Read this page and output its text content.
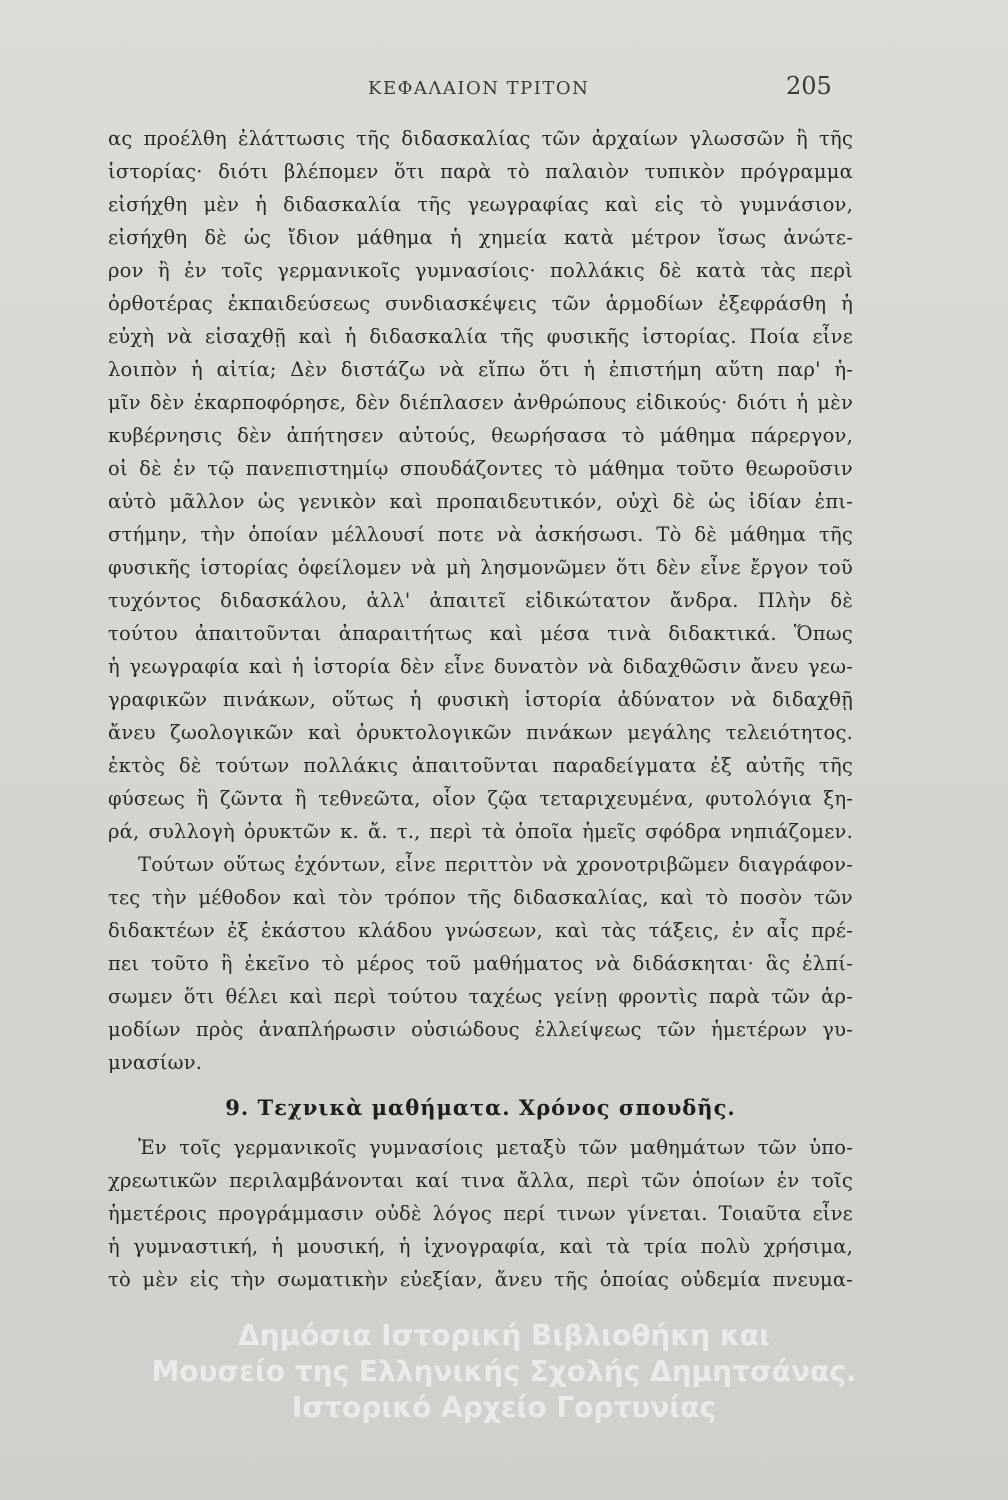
ΚΕΦΑΛΑΙΟΝ ΤΡΙΤΟΝ	205
ας προέλθη ἐλάττωσις τῆς διδασκαλίας τῶν ἀρχαίων γλωσσῶν ἢ τῆς
ἱστορίας· διότι βλέπομεν ὅτι παρὰ τὸ παλαιὸν τυπικὸν πρόγραμμα
εἰσήχθη μὲν ἡ διδασκαλία τῆς γεωγραφίας καὶ εἰς τὸ γυμνάσιον,
εἰσήχθη δὲ ὡς ἴδιον μάθημα ἡ χημεία κατὰ μέτρον ἴσως ἀνώτε-
ρον ἢ ἐν τοῖς γερμανικοῖς γυμνασίοις· πολλάκις δὲ κατὰ τὰς περὶ
ὀρθοτέρας ἐκπαιδεύσεως συνδιασκέψεις τῶν ἁρμοδίων ἐξεφράσθη ἡ
εὐχὴ νὰ εἰσαχθῇ καὶ ἡ διδασκαλία τῆς φυσικῆς ἱστορίας. Ποία εἶνε
λοιπὸν ἡ αἰτία; Δὲν διστάζω νὰ εἴπω ὅτι ἡ ἐπιστήμη αὕτη παρ' ἡ-
μῖν δὲν ἐκαρποφόρησε, δὲν διέπλασεν ἀνθρώπους εἰδικούς· διότι ἡ μὲν
κυβέρνησις δὲν ἀπήτησεν αὐτούς, θεωρήσασα τὸ μάθημα πάρεργον,
οἱ δὲ ἐν τῷ πανεπιστημίῳ σπουδάζοντες τὸ μάθημα τοῦτο θεωροῦσιν
αὐτὸ μᾶλλον ὡς γενικὸν καὶ προπαιδευτικόν, οὐχὶ δὲ ὡς ἰδίαν ἐπι-
στήμην, τὴν ὁποίαν μέλλουσί ποτε νὰ ἀσκήσωσι. Τὸ δὲ μάθημα τῆς
φυσικῆς ἱστορίας ὀφείλομεν νὰ μὴ λησμονῶμεν ὅτι δὲν εἶνε ἔργον τοῦ
τυχόντος διδασκάλου, ἀλλ' ἀπαιτεῖ εἰδικώτατον ἄνδρα. Πλὴν δὲ
τούτου ἀπαιτοῦνται ἀπαραιτήτως καὶ μέσα τινὰ διδακτικά. Ὅπως
ἡ γεωγραφία καὶ ἡ ἱστορία δὲν εἶνε δυνατὸν νὰ διδαχθῶσιν ἄνευ γεω-
γραφικῶν πινάκων, οὕτως ἡ φυσικὴ ἱστορία ἀδύνατον νὰ διδαχθῇ
ἄνευ ζωολογικῶν καὶ ὀρυκτολογικῶν πινάκων μεγάλης τελειότητος.
ἐκτὸς δὲ τούτων πολλάκις ἀπαιτοῦνται παραδείγματα ἐξ αὐτῆς τῆς
φύσεως ἢ ζῶντα ἢ τεθνεῶτα, οἷον ζῷα τεταριχευμένα, φυτολόγια ξη-
ρά, συλλογὴ ὀρυκτῶν κ. ἄ. τ., περὶ τὰ ὁποῖα ἡμεῖς σφόδρα νηπιάζομεν.
Τούτων οὕτως ἐχόντων, εἶνε περιττὸν νὰ χρονοτριβῶμεν διαγράφον-
τες τὴν μέθοδον καὶ τὸν τρόπον τῆς διδασκαλίας, καὶ τὸ ποσὸν τῶν
διδακτέων ἐξ ἑκάστου κλάδου γνώσεων, καὶ τὰς τάξεις, ἐν αἷς πρέ-
πει τοῦτο ἢ ἐκεῖνο τὸ μέρος τοῦ μαθήματος νὰ διδάσκηται· ἃς ἐλπί-
σωμεν ὅτι θέλει καὶ περὶ τούτου ταχέως γείνῃ φροντὶς παρὰ τῶν ἁρ-
μοδίων πρὸς ἀναπλήρωσιν οὐσιώδους ἐλλείψεως τῶν ἡμετέρων γυ-
μνασίων.
9. Τεχνικὰ μαθήματα. Χρόνος σπουδῆς.
Ἐν τοῖς γερμανικοῖς γυμνασίοις μεταξὺ τῶν μαθημάτων τῶν ὑπο-
χρεωτικῶν περιλαμβάνονται καί τινα ἄλλα, περὶ τῶν ὁποίων ἐν τοῖς
ἡμετέροις προγράμμασιν οὐδὲ λόγος περί τινων γίνεται. Τοιαῦτα εἶνε
ἡ γυμναστική, ἡ μουσική, ἡ ἰχνογραφία, καὶ τὰ τρία πολὺ χρήσιμα,
τὸ μὲν εἰς τὴν σωματικὴν εὐεξίαν, ἄνευ τῆς ὁποίας οὐδεμία πνευμα-
Δημόσια Ιστορική Βιβλιοθήκη και
Μουσείο της Ελληνικής Σχολής Δημητσάνας.
Ιστορικό Αρχείο Γορτυνίας
